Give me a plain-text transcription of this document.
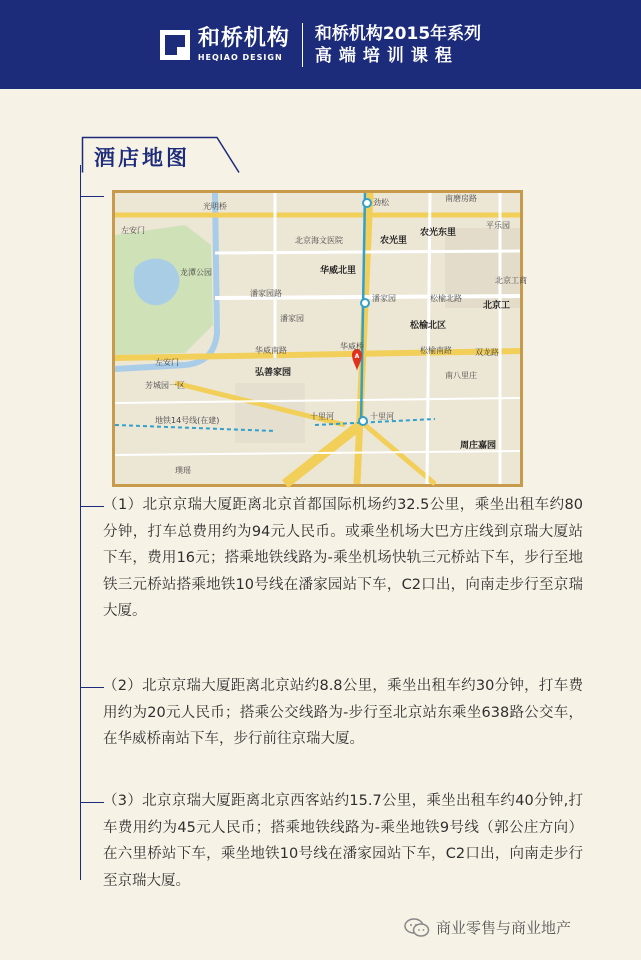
和桥机构
HEQIAO DESIGN
和桥机构2015年系列
高端培训课程
酒店地图
A
光明桥
北京海文医院
龙潭公园
左安门
农光里
农光东里
华威北里
潘家园路
潘家园
潘家园	松榆北路
松榆北区
华威南路	松榆南路
华威桥
弘善家园
十里河	十里河
劲松
双龙路
北京工
左安门
芳城园一区
璞瑶
地铁14号线(在建)
南八里庄
周庄嘉园
平乐园
北京工商
南磨房路
（1）北京京瑞大厦距离北京首都国际机场约32.5公里，乘坐出租车约80分钟，打车总费用约为94元人民币。或乘坐机场大巴方庄线到京瑞大厦站下车，费用16元；搭乘地铁线路为-乘坐机场快轨三元桥站下车，步行至地铁三元桥站搭乘地铁10号线在潘家园站下车，C2口出，向南走步行至京瑞大厦。
（2）北京京瑞大厦距离北京站约8.8公里，乘坐出租车约30分钟，打车费用约为20元人民币；搭乘公交线路为-步行至北京站东乘坐638路公交车，在华威桥南站下车，步行前往京瑞大厦。
（3）北京京瑞大厦距离北京西客站约15.7公里，乘坐出租车约40分钟,打车费用约为45元人民币；搭乘地铁线路为-乘坐地铁9号线（郭公庄方向）在六里桥站下车，乘坐地铁10号线在潘家园站下车，C2口出，向南走步行至京瑞大厦。
商业零售与商业地产
